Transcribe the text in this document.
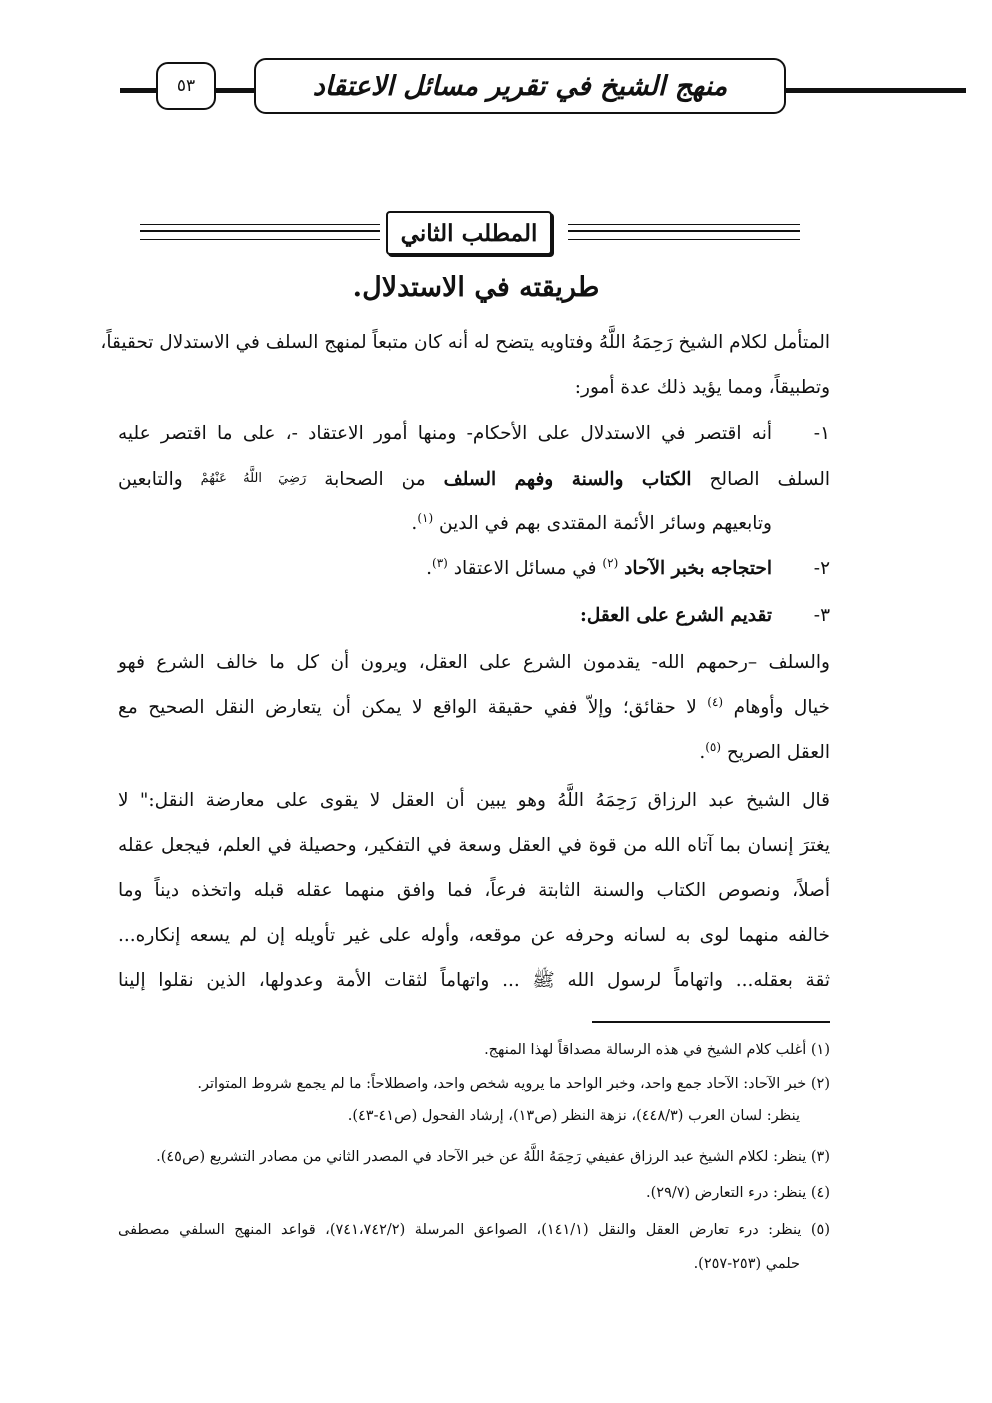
٥٣	منهج الشيخ في تقرير مسائل الاعتقاد
المطلب الثاني
طريقته في الاستدلال.
المتأمل لكلام الشيخ رَحِمَهُ اللَّهُ وفتاويه يتضح له أنه كان متبعاً لمنهج السلف في الاستدلال تحقيقاً،
وتطبيقاً، ومما يؤيد ذلك عدة أمور:
١-أنه اقتصر في الاستدلال على الأحكام- ومنها أمور الاعتقاد -، على ما اقتصر عليه
السلف الصالح الكتاب والسنة وفهم السلف من الصحابة رَضِيَ اللَّهُ عَنْهُمْ والتابعين
وتابعيهم وسائر الأئمة المقتدى بهم في الدين $^{(١)}$.
٢-احتجاجه بخبر الآحاد $^{(٢)}$ في مسائل الاعتقاد $^{(٣)}$.
٣-تقديم الشرع على العقل:
والسلف –رحمهم الله- يقدمون الشرع على العقل، ويرون أن كل ما خالف الشرع فهو
خيال وأوهام $^{(٤)}$ لا حقائق؛ وإلاّ ففي حقيقة الواقع لا يمكن أن يتعارض النقل الصحيح مع
العقل الصريح $^{(٥)}$.
قال الشيخ عبد الرزاق رَحِمَهُ اللَّهُ وهو يبين أن العقل لا يقوى على معارضة النقل:" لا
يغترَ إنسان بما آتاه الله من قوة في العقل وسعة في التفكير، وحصيلة في العلم، فيجعل عقله
أصلاً، ونصوص الكتاب والسنة الثابتة فرعاً، فما وافق منهما عقله قبله واتخذه ديناً وما
خالفه منهما لوى به لسانه وحرفه عن موقعه، وأوله على غير تأويله إن لم يسعه إنكاره...
ثقة بعقله... واتهاماً لرسول الله ﷺ ... واتهاماً لثقات الأمة وعدولها، الذين نقلوا إلينا
(١) أغلب كلام الشيخ في هذه الرسالة مصداقاً لهذا المنهج.
(٢) خبر الآحاد: الآحاد جمع واحد، وخبر الواحد ما يرويه شخص واحد، واصطلاحاً: ما لم يجمع شروط المتواتر.
ينظر: لسان العرب (٤٤٨/٣)، نزهة النظر (ص١٣)، إرشاد الفحول (ص٤١-٤٣).
(٣) ينظر: لكلام الشيخ عبد الرزاق عفيفي رَحِمَهُ اللَّهُ عن خبر الآحاد في المصدر الثاني من مصادر التشريع (ص٤٥).
(٤) ينظر: درء التعارض (٢٩/٧).
(٥) ينظر: درء تعارض العقل والنقل (١٤١/١)، الصواعق المرسلة (٧٤١،٧٤٢/٢)، قواعد المنهج السلفي مصطفى
حلمي (٢٥٣-٢٥٧).
